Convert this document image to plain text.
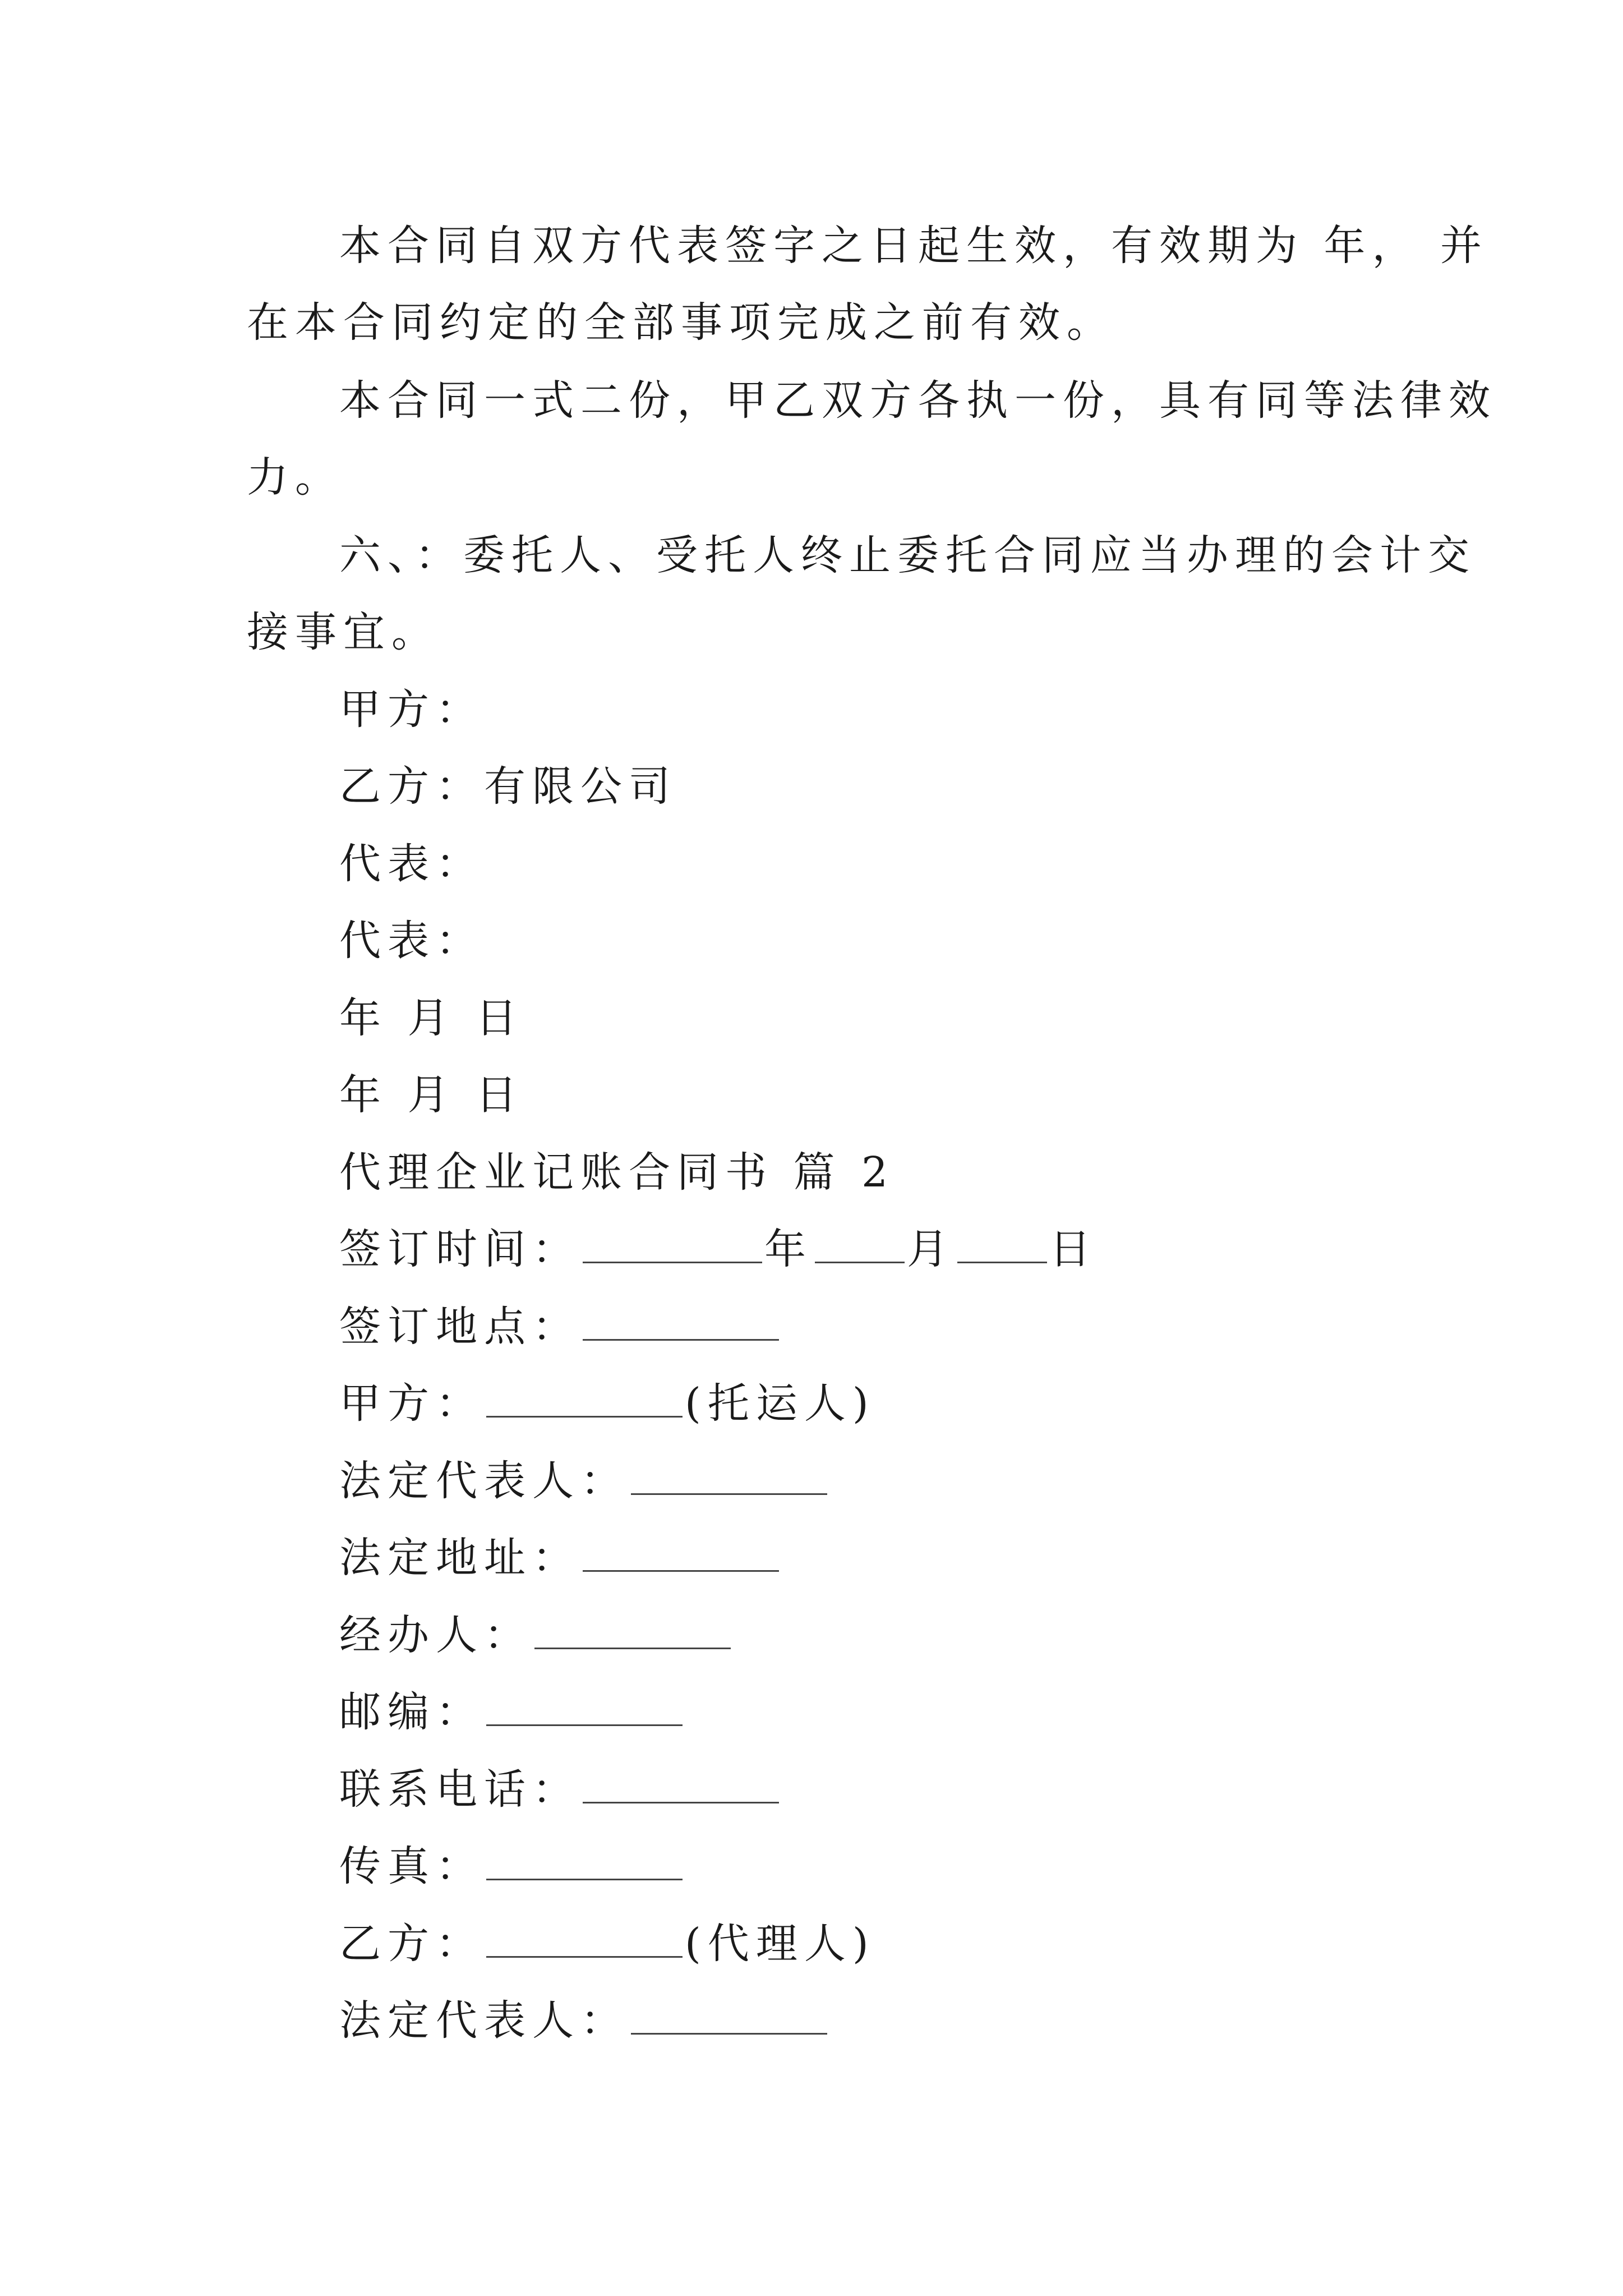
本合同自双方代表签字之日起生效，有效期为 年， 并
在本合同约定的全部事项完成之前有效。
本合同一式二份，甲乙双方各执一份，具有同等法律效
力。
六、：委托人、受托人终止委托合同应当办理的会计交
接事宜。
甲方：
乙方：有限公司
代表：
代表：
年 月 日
年 月 日
代理企业记账合同书 篇 2
签订时间：	年 月 日
签订地点：
甲方：	(托运人)
法定代表人：
法定地址：
经办人：
邮编：
联系电话：
传真：
乙方：	(代理人)
法定代表人：
